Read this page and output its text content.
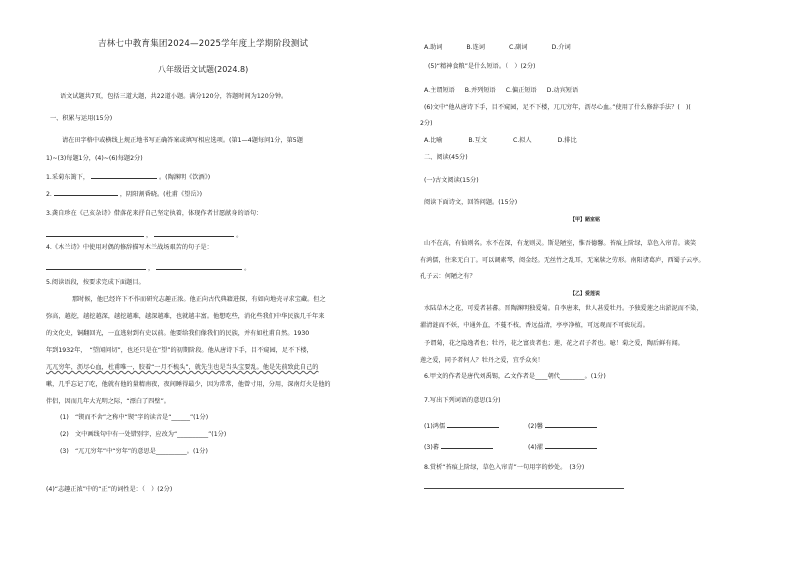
吉林七中教育集团2024—2025学年度上学期阶段测试
八年级语文试题(2024.8)
语文试题共7页，包括三道大题，共22道小题。满分120分，答题时间为120分钟。
一、积累与运用(15分)
请在田字格中或横线上规正地书写正确答案或填写相应选项。(第1—4题每问1分，第5题
1)~(3)每题1分，(4)~(6)每题2分)
1.采菊东篱下，	。(陶渊明《饮酒》)
2.	，阴阳割昏晓。(杜甫《望岳》)
3.龚自珍在《己亥杂诗》借落花来抒自己坚定执着，体现作者甘愿献身的语句：
，	。
4.《木兰诗》中使用对偶的修辞描写木兰战场艰苦的句子是：
，	。
5.阅读语段，按要求完成下面题目。
那时候，他已经许下不作而研究志趣正浓。他正向古代典籍进探，有如向地壳寻求宝藏。但之
弥高，越挖，越挖越深，越挖越难，越深越难，也就越丰富。他想吃些，消化些我们中华民族几千年来
的文化史，铜翻回光，一直逃射到有史以前。他要给我们像我们的民族，并有如杜甫自然。1930
年到1932年，　“望闻问切”，也还只是在“望”的初期阶段。他从唐诗下手，目不窥园，足不下楼，
兀兀穷年，沥尽心血，杜甫唯一，胶着“一月不梳头”，就先生也是当头宝要乱。他是先前致此自己的
嗽，几乎忘记了吃，他就有他的量精南夜，夜间睡得最少，因为常常，他曾寸用，分用，深南灯火是他的
伴侣，因而几年大光明之际，“漂白了四壁”。
(1)　“锲而不舍”之称中“锲”字的读音是“______”(1分)
(2)　文中画线句中有一处错别字，应改为“__________”(1分)
(3)　“兀兀穷年”中“穷年”的意思是__________。(1分)
(4)“志趣正浓”中的“正”的词性是：（　）(2分)
A.助词	B.连词	C.副词	D.介词
(5)“精神食粮”是什么短语。（　）(2分)
A.主谓短语 B.并列短语 C.偏正短语 D.动宾短语
(6)文中“他从唐诗下手，目不窥园，足不下楼，兀兀穷年，沥尽心血。”使用了什么修辞手法？(　)(
2分)
A.比喻	B.互文	C.拟人	D.排比
二、阅读(45分)
(一)古文阅读(15分)
阅读下面诗文，回答问题。(15分)
【甲】陋室铭
山不在高，有仙则名。水不在深，有龙则灵。斯是陋室，惟吾德馨。苔痕上阶绿，草色入帘青。谈笑
有鸿儒，往来无白丁。可以调素琴，阅金经。无丝竹之乱耳，无案牍之劳形。南阳诸葛庐，西蜀子云亭。
孔子云：何陋之有？
【乙】爱莲说
水陆草木之花，可爱者甚蕃。晋陶渊明独爱菊。自李唐来，世人甚爱牡丹。予独爱莲之出淤泥而不染，
濯清涟而不妖，中通外直，不蔓不枝，香远益清，亭亭净植，可远观而不可亵玩焉。
予谓菊，花之隐逸者也；牡丹，花之富贵者也；莲，花之君子者也。噫！菊之爱，陶后鲜有闻。
莲之爱，同予者何人？牡丹之爱，宜乎众矣！
6.甲文的作者是唐代刘禹锡，乙文作者是____朝代________。(1分)
7.写出下列词语的意思(1分)
(1)鸿儒	(2)馨
(3)蕃	(4)濯
8.赏析“苔痕上阶绿，草色入帘青”一句用字的妙处。　(3分)
